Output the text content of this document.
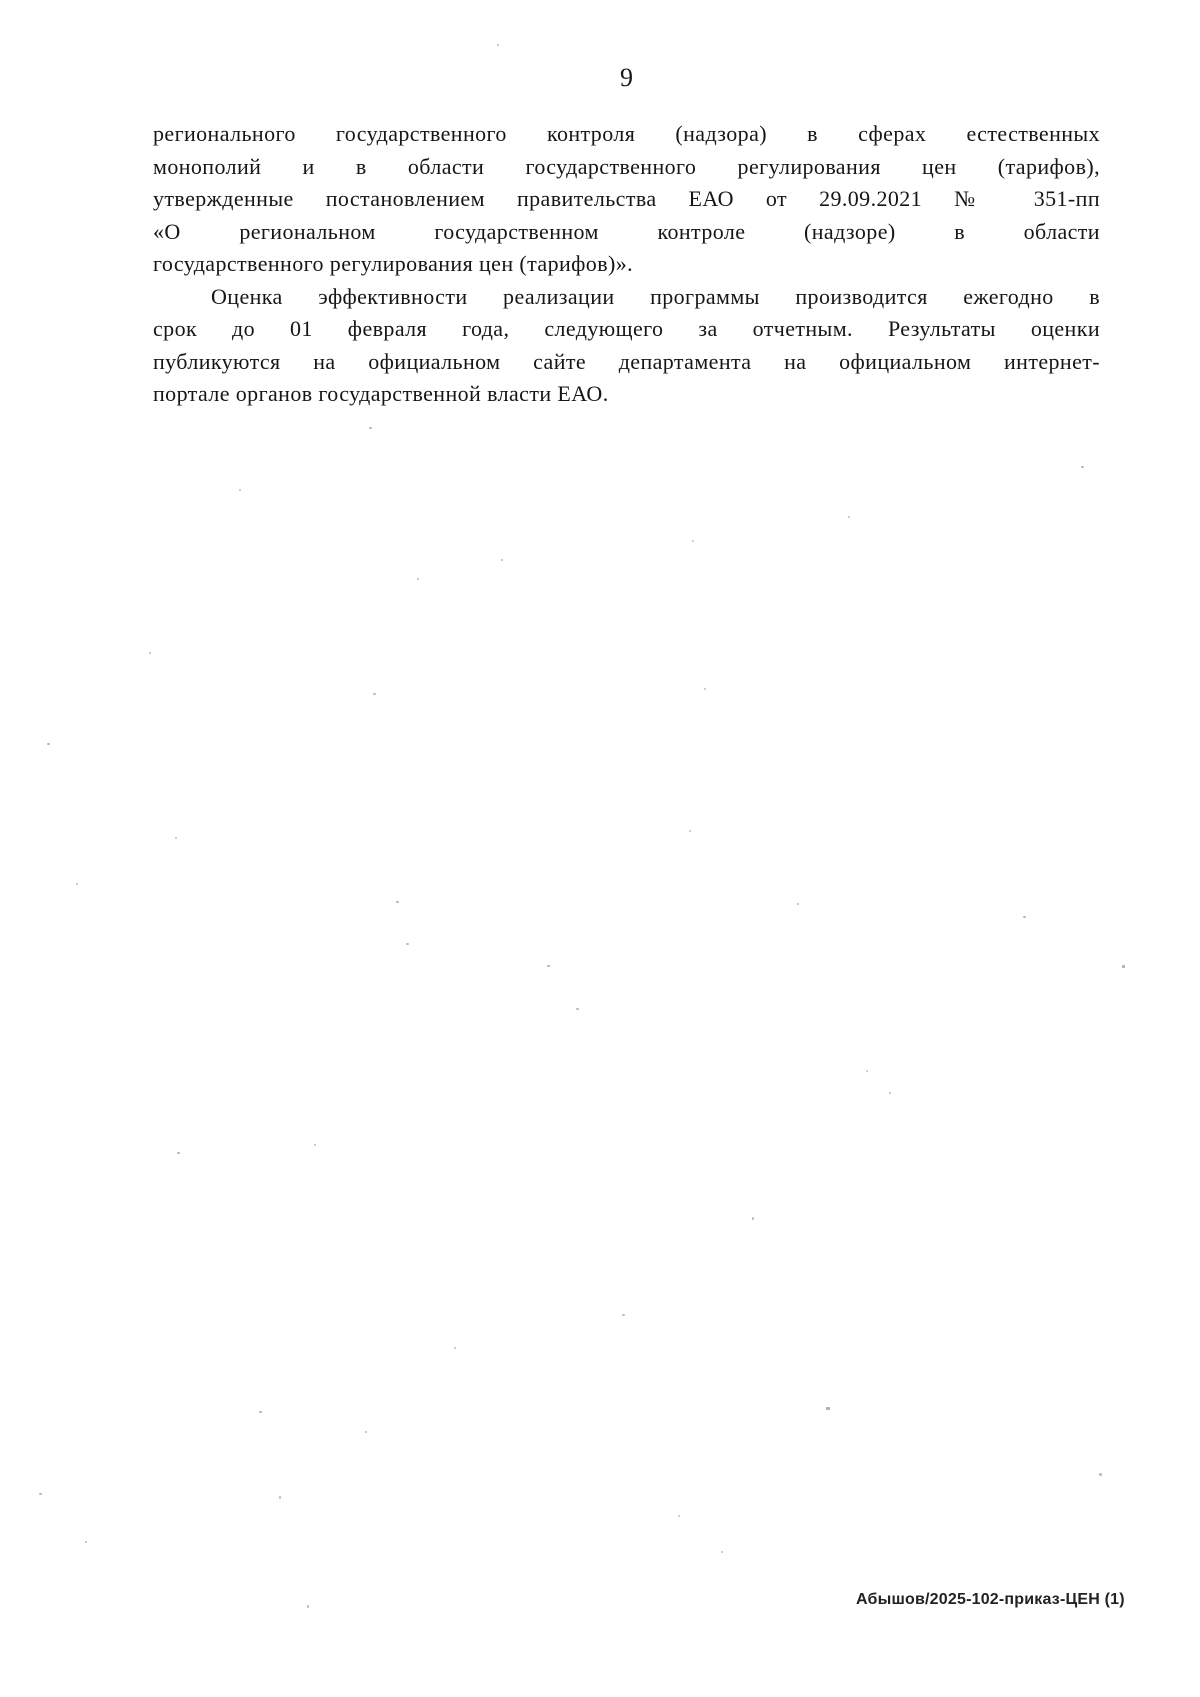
9
регионального государственного контроля (надзора) в сферах естественных
монополий и в области государственного регулирования цен (тарифов),
утвержденные постановлением правительства ЕАО от 29.09.2021 № 351-пп
«О региональном государственном контроле (надзоре) в области
государственного регулирования цен (тарифов)».
Оценка эффективности реализации программы производится ежегодно в
срок до 01 февраля года, следующего за отчетным. Результаты оценки
публикуются на официальном сайте департамента на официальном интернет-
портале органов государственной власти ЕАО.
Абышов/2025-102-приказ-ЦЕН (1)
